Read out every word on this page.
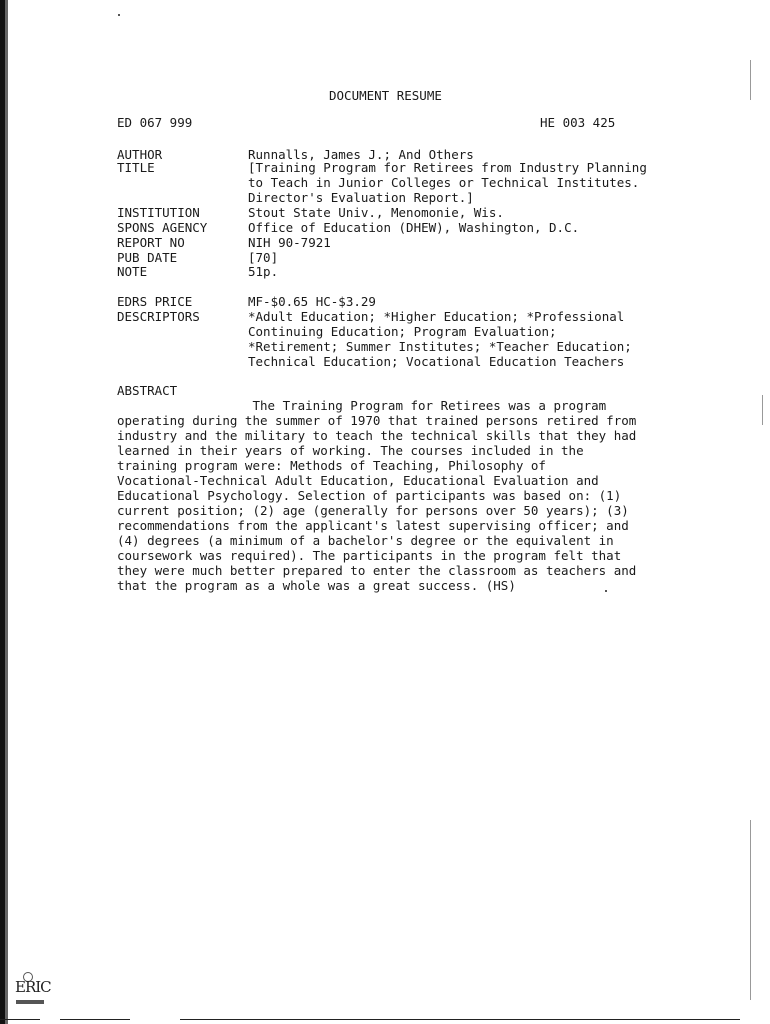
DOCUMENT RESUME
ED 067 999	HE 003 425
AUTHOR	Runnalls, James J.; And Others
TITLE	[Training Program for Retirees from Industry Planning
to Teach in Junior Colleges or Technical Institutes.
Director's Evaluation Report.]
INSTITUTION	Stout State Univ., Menomonie, Wis.
SPONS AGENCY	Office of Education (DHEW), Washington, D.C.
REPORT NO	NIH 90-7921
PUB DATE	[70]
NOTE	51p.
EDRS PRICE	MF-$0.65 HC-$3.29
DESCRIPTORS	*Adult Education; *Higher Education; *Professional
Continuing Education; Program Evaluation;
*Retirement; Summer Institutes; *Teacher Education;
Technical Education; Vocational Education Teachers
ABSTRACT
The Training Program for Retirees was a program
operating during the summer of 1970 that trained persons retired from
industry and the military to teach the technical skills that they had
learned in their years of working. The courses included in the
training program were: Methods of Teaching, Philosophy of
Vocational-Technical Adult Education, Educational Evaluation and
Educational Psychology. Selection of participants was based on: (1)
current position; (2) age (generally for persons over 50 years); (3)
recommendations from the applicant's latest supervising officer; and
(4) degrees (a minimum of a bachelor's degree or the equivalent in
coursework was required). The participants in the program felt that
they were much better prepared to enter the classroom as teachers and
that the program as a whole was a great success. (HS)
ERIC
